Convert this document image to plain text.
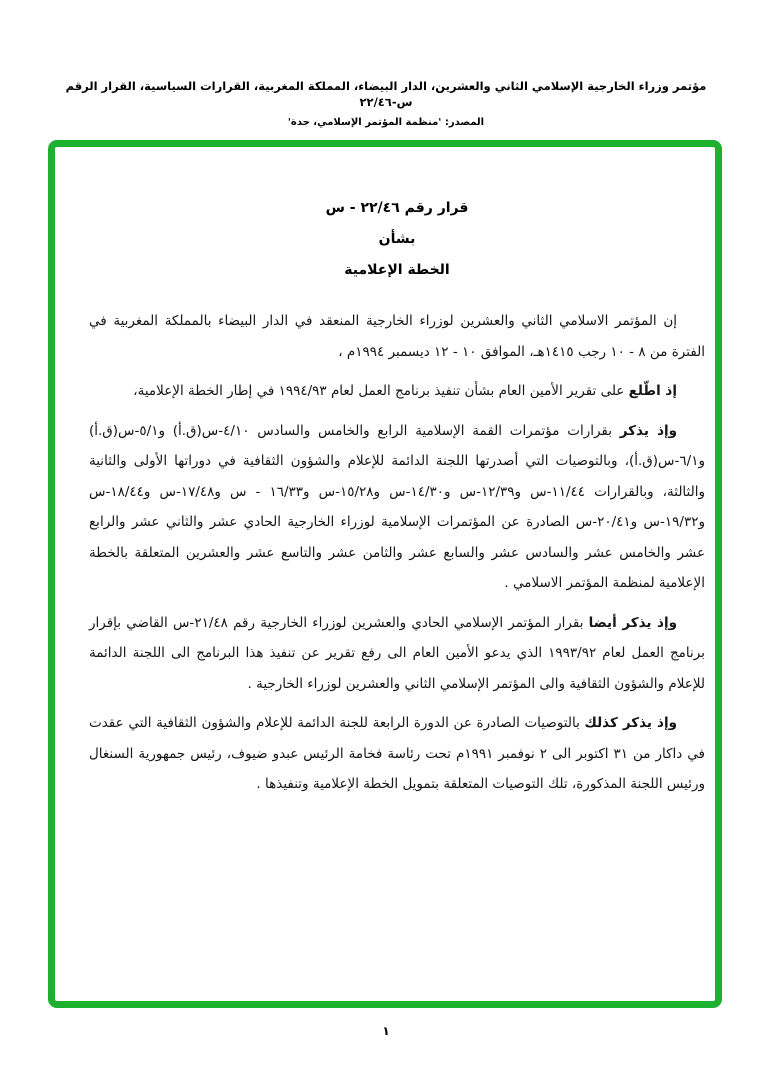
مؤتمر وزراء الخارجية الإسلامي الثاني والعشرين، الدار البيضاء، المملكة المغربية، القرارات السياسية، القرار الرقم س-٢٢/٤٦
المصدر: 'منظمة المؤتمر الإسلامي، جدة'
قرار رقم ٢٢/٤٦ - س
بشأن
الخطة الإعلامية

إن المؤتمر الاسلامي الثاني والعشرين لوزراء الخارجية المنعقد في الدار البيضاء بالمملكة المغربية في الفترة من ٨ - ١٠ رجب ١٤١٥هـ، الموافق ١٠ - ١٢ ديسمبر ١٩٩٤م ،

إذ اطّلع على تقرير الأمين العام بشأن تنفيذ برنامج العمل لعام ١٩٩٤/٩٣ في إطار الخطة الإعلامية،

وإذ يذكر بقرارات مؤتمرات القمة الإسلامية الرابع والخامس والسادس ٤/١٠-س(ق.أ) و٥/١-س(ق.أ) و٦/١-س(ق.أ)، وبالتوصيات التي أصدرتها اللجنة الدائمة للإعلام والشؤون الثقافية في دوراتها الأولى والثانية والثالثة، وبالقرارات ١١/٤٤-س و١٢/٣٩-س و١٤/٣٠-س و١٥/٢٨-س و١٦/٣٣ - س و١٧/٤٨-س و١٨/٤٤-س و١٩/٣٢-س و٢٠/٤١-س الصادرة عن المؤتمرات الإسلامية لوزراء الخارجية الحادي عشر والثاني عشر والرابع عشر والخامس عشر والسادس عشر والسابع عشر والثامن عشر والتاسع عشر والعشرين المتعلقة بالخطة الإعلامية لمنظمة المؤتمر الاسلامي .

وإذ يذكر أيضا بقرار المؤتمر الإسلامي الحادي والعشرين لوزراء الخارجية رقم ٢١/٤٨-س القاضي بإقرار برنامج العمل لعام ١٩٩٣/٩٢ الذي يدعو الأمين العام الى رفع تقرير عن تنفيذ هذا البرنامج الى اللجنة الدائمة للإعلام والشؤون الثقافية والى المؤتمر الإسلامي الثاني والعشرين لوزراء الخارجية .

وإذ يذكر كذلك بالتوصيات الصادرة عن الدورة الرابعة للجنة الدائمة للإعلام والشؤون الثقافية التي عقدت في داكار من ٣١ اكتوبر الى ٢ نوفمبر ١٩٩١م تحت رئاسة فخامة الرئيس عبدو ضيوف، رئيس جمهورية السنغال ورئيس اللجنة المذكورة، تلك التوصيات المتعلقة بتمويل الخطة الإعلامية وتنفيذها .

١
